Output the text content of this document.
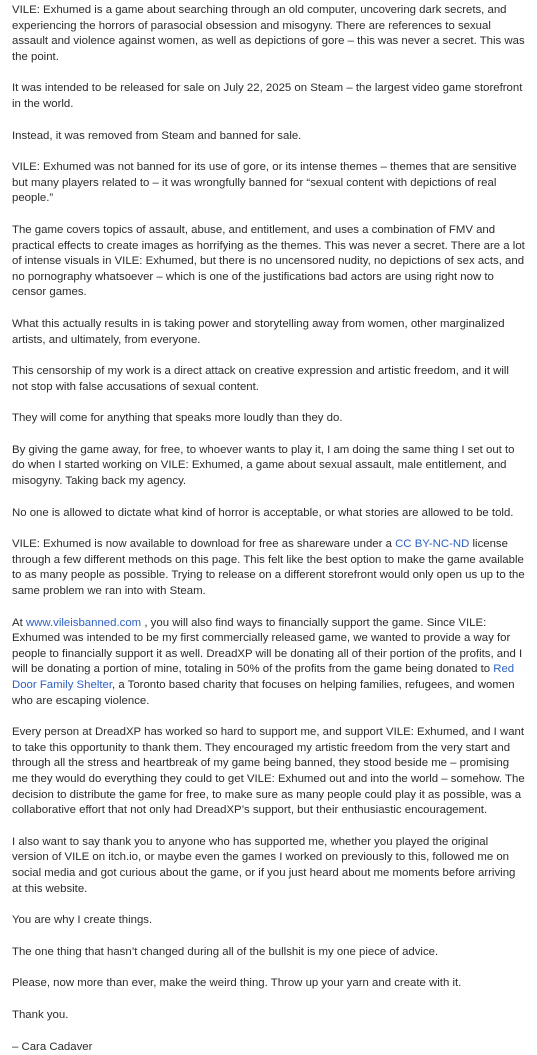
VILE: Exhumed is a game about searching through an old computer, uncovering dark secrets, and experiencing the horrors of parasocial obsession and misogyny. There are references to sexual assault and violence against women, as well as depictions of gore – this was never a secret. This was the point.

It was intended to be released for sale on July 22, 2025 on Steam – the largest video game storefront in the world.

Instead, it was removed from Steam and banned for sale.

VILE: Exhumed was not banned for its use of gore, or its intense themes – themes that are sensitive but many players related to – it was wrongfully banned for “sexual content with depictions of real people.”

The game covers topics of assault, abuse, and entitlement, and uses a combination of FMV and practical effects to create images as horrifying as the themes. This was never a secret. There are a lot of intense visuals in VILE: Exhumed, but there is no uncensored nudity, no depictions of sex acts, and no pornography whatsoever – which is one of the justifications bad actors are using right now to censor games.

What this actually results in is taking power and storytelling away from women, other marginalized artists, and ultimately, from everyone.

This censorship of my work is a direct attack on creative expression and artistic freedom, and it will not stop with false accusations of sexual content.

They will come for anything that speaks more loudly than they do.

By giving the game away, for free, to whoever wants to play it, I am doing the same thing I set out to do when I started working on VILE: Exhumed, a game about sexual assault, male entitlement, and misogyny. Taking back my agency.

No one is allowed to dictate what kind of horror is acceptable, or what stories are allowed to be told.

VILE: Exhumed is now available to download for free as shareware under a CC BY-NC-ND license through a few different methods on this page. This felt like the best option to make the game available to as many people as possible. Trying to release on a different storefront would only open us up to the same problem we ran into with Steam.

At www.vileisbanned.com , you will also find ways to financially support the game. Since VILE: Exhumed was intended to be my first commercially released game, we wanted to provide a way for people to financially support it as well. DreadXP will be donating all of their portion of the profits, and I will be donating a portion of mine, totaling in 50% of the profits from the game being donated to Red Door Family Shelter, a Toronto based charity that focuses on helping families, refugees, and women who are escaping violence.

Every person at DreadXP has worked so hard to support me, and support VILE: Exhumed, and I want to take this opportunity to thank them. They encouraged my artistic freedom from the very start and through all the stress and heartbreak of my game being banned, they stood beside me – promising me they would do everything they could to get VILE: Exhumed out and into the world – somehow. The decision to distribute the game for free, to make sure as many people could play it as possible, was a collaborative effort that not only had DreadXP’s support, but their enthusiastic encouragement.

I also want to say thank you to anyone who has supported me, whether you played the original version of VILE on itch.io, or maybe even the games I worked on previously to this, followed me on social media and got curious about the game, or if you just heard about me moments before arriving at this website.

You are why I create things.

The one thing that hasn’t changed during all of the bullshit is my one piece of advice.

Please, now more than ever, make the weird thing. Throw up your yarn and create with it.

Thank you.

– Cara Cadaver
